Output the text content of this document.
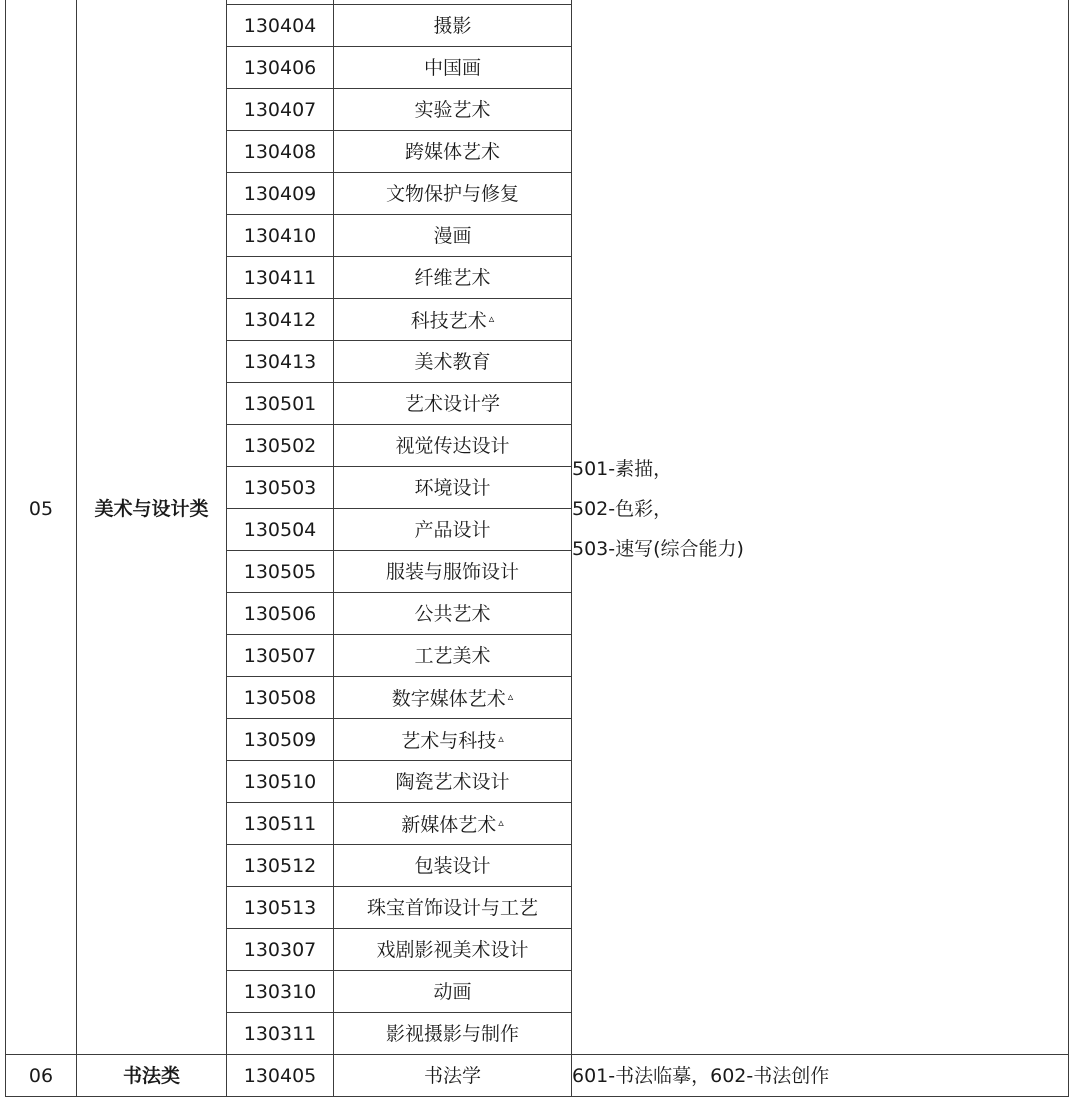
05	美术与设计类			501-素描，
502-色彩，
503-速写(综合能力)

		130404	摄影	
		130406	中国画	
		130407	实验艺术	
		130408	跨媒体艺术	
		130409	文物保护与修复	
		130410	漫画	
		130411	纤维艺术	
		130412	科技艺术 ▵
		130413	美术教育	
		130501	艺术设计学	
		130502	视觉传达设计	
		130503	环境设计	
		130504	产品设计	
		130505	服装与服饰设计	
		130506	公共艺术	
		130507	工艺美术	
		130508	数字媒体艺术 ▵
		130509	艺术与科技 ▵
		130510	陶瓷艺术设计	
		130511	新媒体艺术 ▵
		130512	包装设计	
		130513	珠宝首饰设计与工艺	
		130307	戏剧影视美术设计	
		130310	动画	
		130311	影视摄影与制作	
06	书法类	130405	书法学	601-书法临摹，602-书法创作
